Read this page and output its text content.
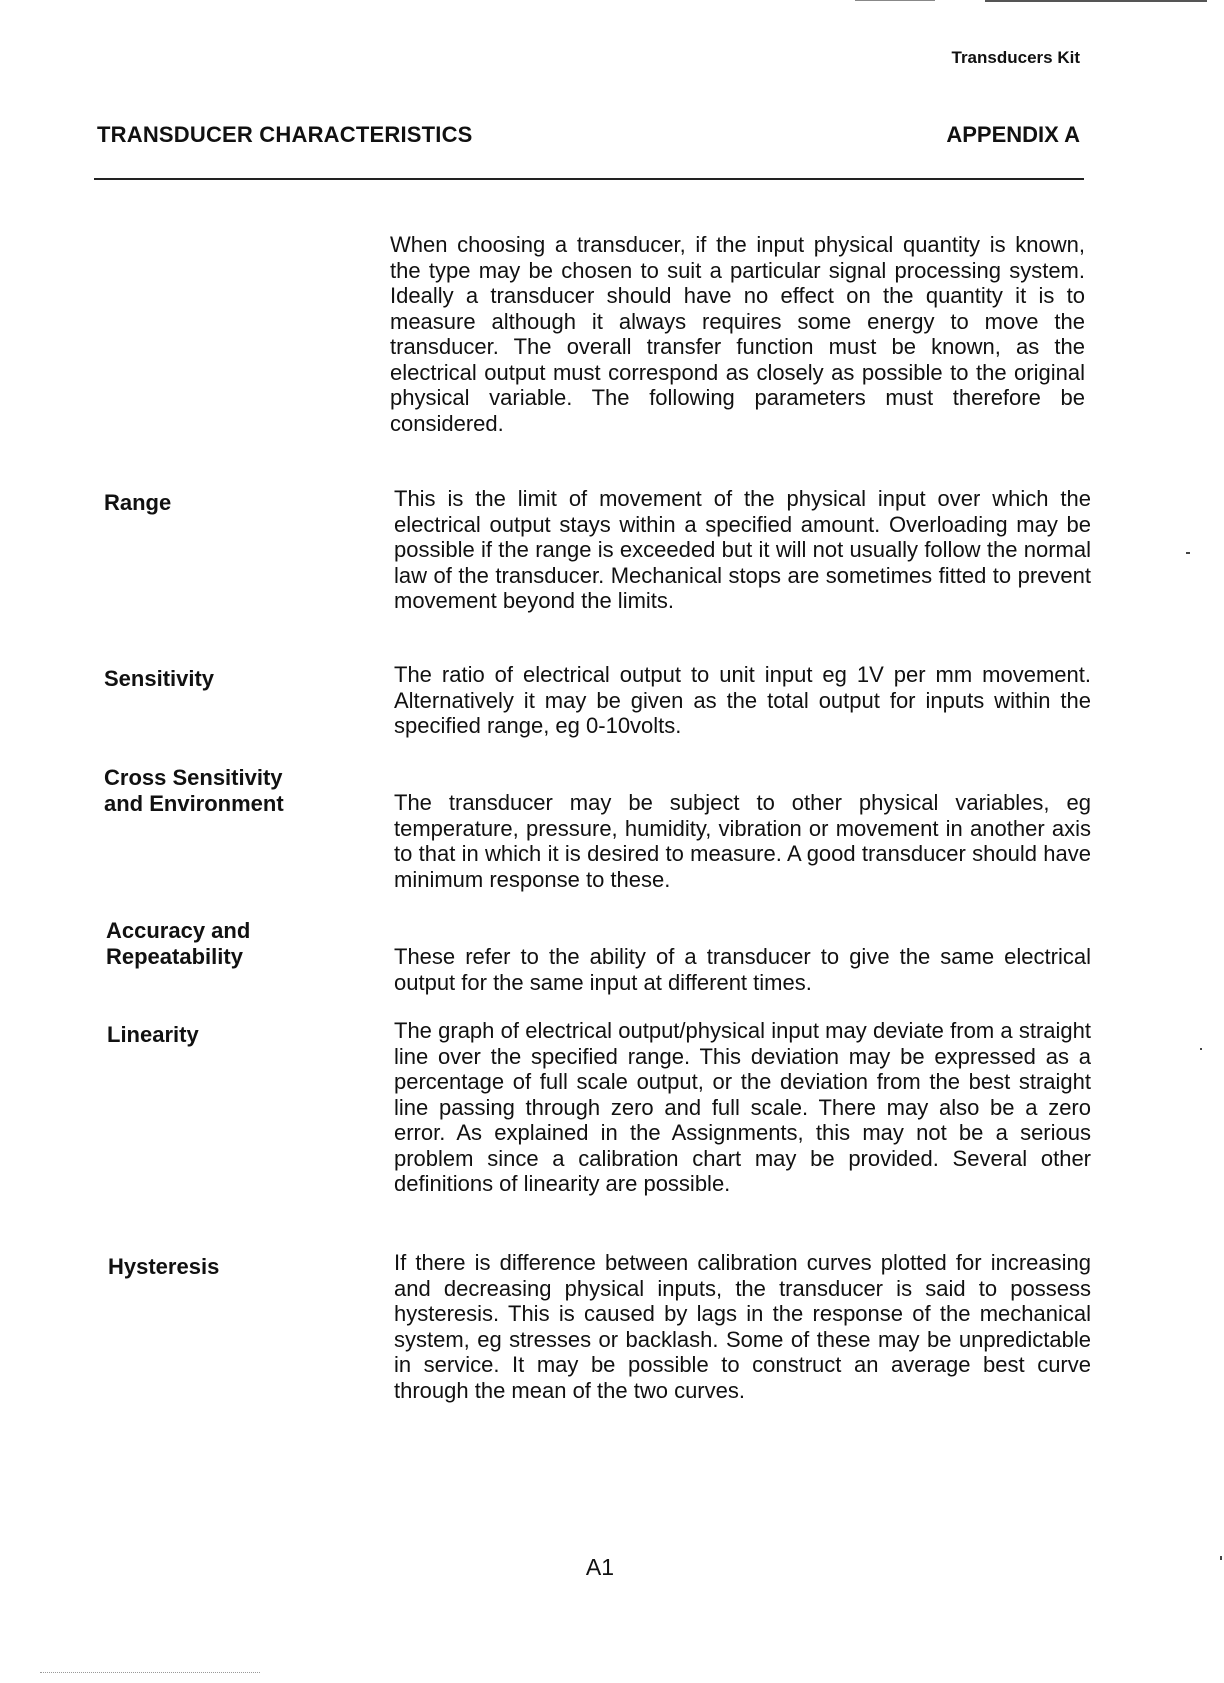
Transducers Kit
TRANSDUCER CHARACTERISTICS	APPENDIX A
When choosing a transducer, if the input physical quantity is known, the type may be chosen to suit a particular signal processing system. Ideally a transducer should have no effect on the quantity it is to measure although it always requires some energy to move the transducer. The overall transfer function must be known, as the electrical output must correspond as closely as possible to the original physical variable. The following parameters must therefore be considered.
Range	This is the limit of movement of the physical input over which the electrical output stays within a specified amount. Overloading may be possible if the range is exceeded but it will not usually follow the normal law of the transducer. Mechanical stops are sometimes fitted to prevent movement beyond the limits.
Sensitivity	The ratio of electrical output to unit input eg 1V per mm movement. Alternatively it may be given as the total output for inputs within the specified range, eg 0-10volts.
Cross Sensitivity and Environment	The transducer may be subject to other physical variables, eg temperature, pressure, humidity, vibration or movement in another axis to that in which it is desired to measure. A good transducer should have minimum response to these.
Accuracy and Repeatability	These refer to the ability of a transducer to give the same electrical output for the same input at different times.
Linearity	The graph of electrical output/physical input may deviate from a straight line over the specified range. This deviation may be expressed as a percentage of full scale output, or the deviation from the best straight line passing through zero and full scale. There may also be a zero error. As explained in the Assignments, this may not be a serious problem since a calibration chart may be provided. Several other definitions of linearity are possible.
Hysteresis	If there is difference between calibration curves plotted for increasing and decreasing physical inputs, the transducer is said to possess hysteresis. This is caused by lags in the response of the mechanical system, eg stresses or backlash. Some of these may be unpredictable in service. It may be possible to construct an average best curve through the mean of the two curves.
A1
